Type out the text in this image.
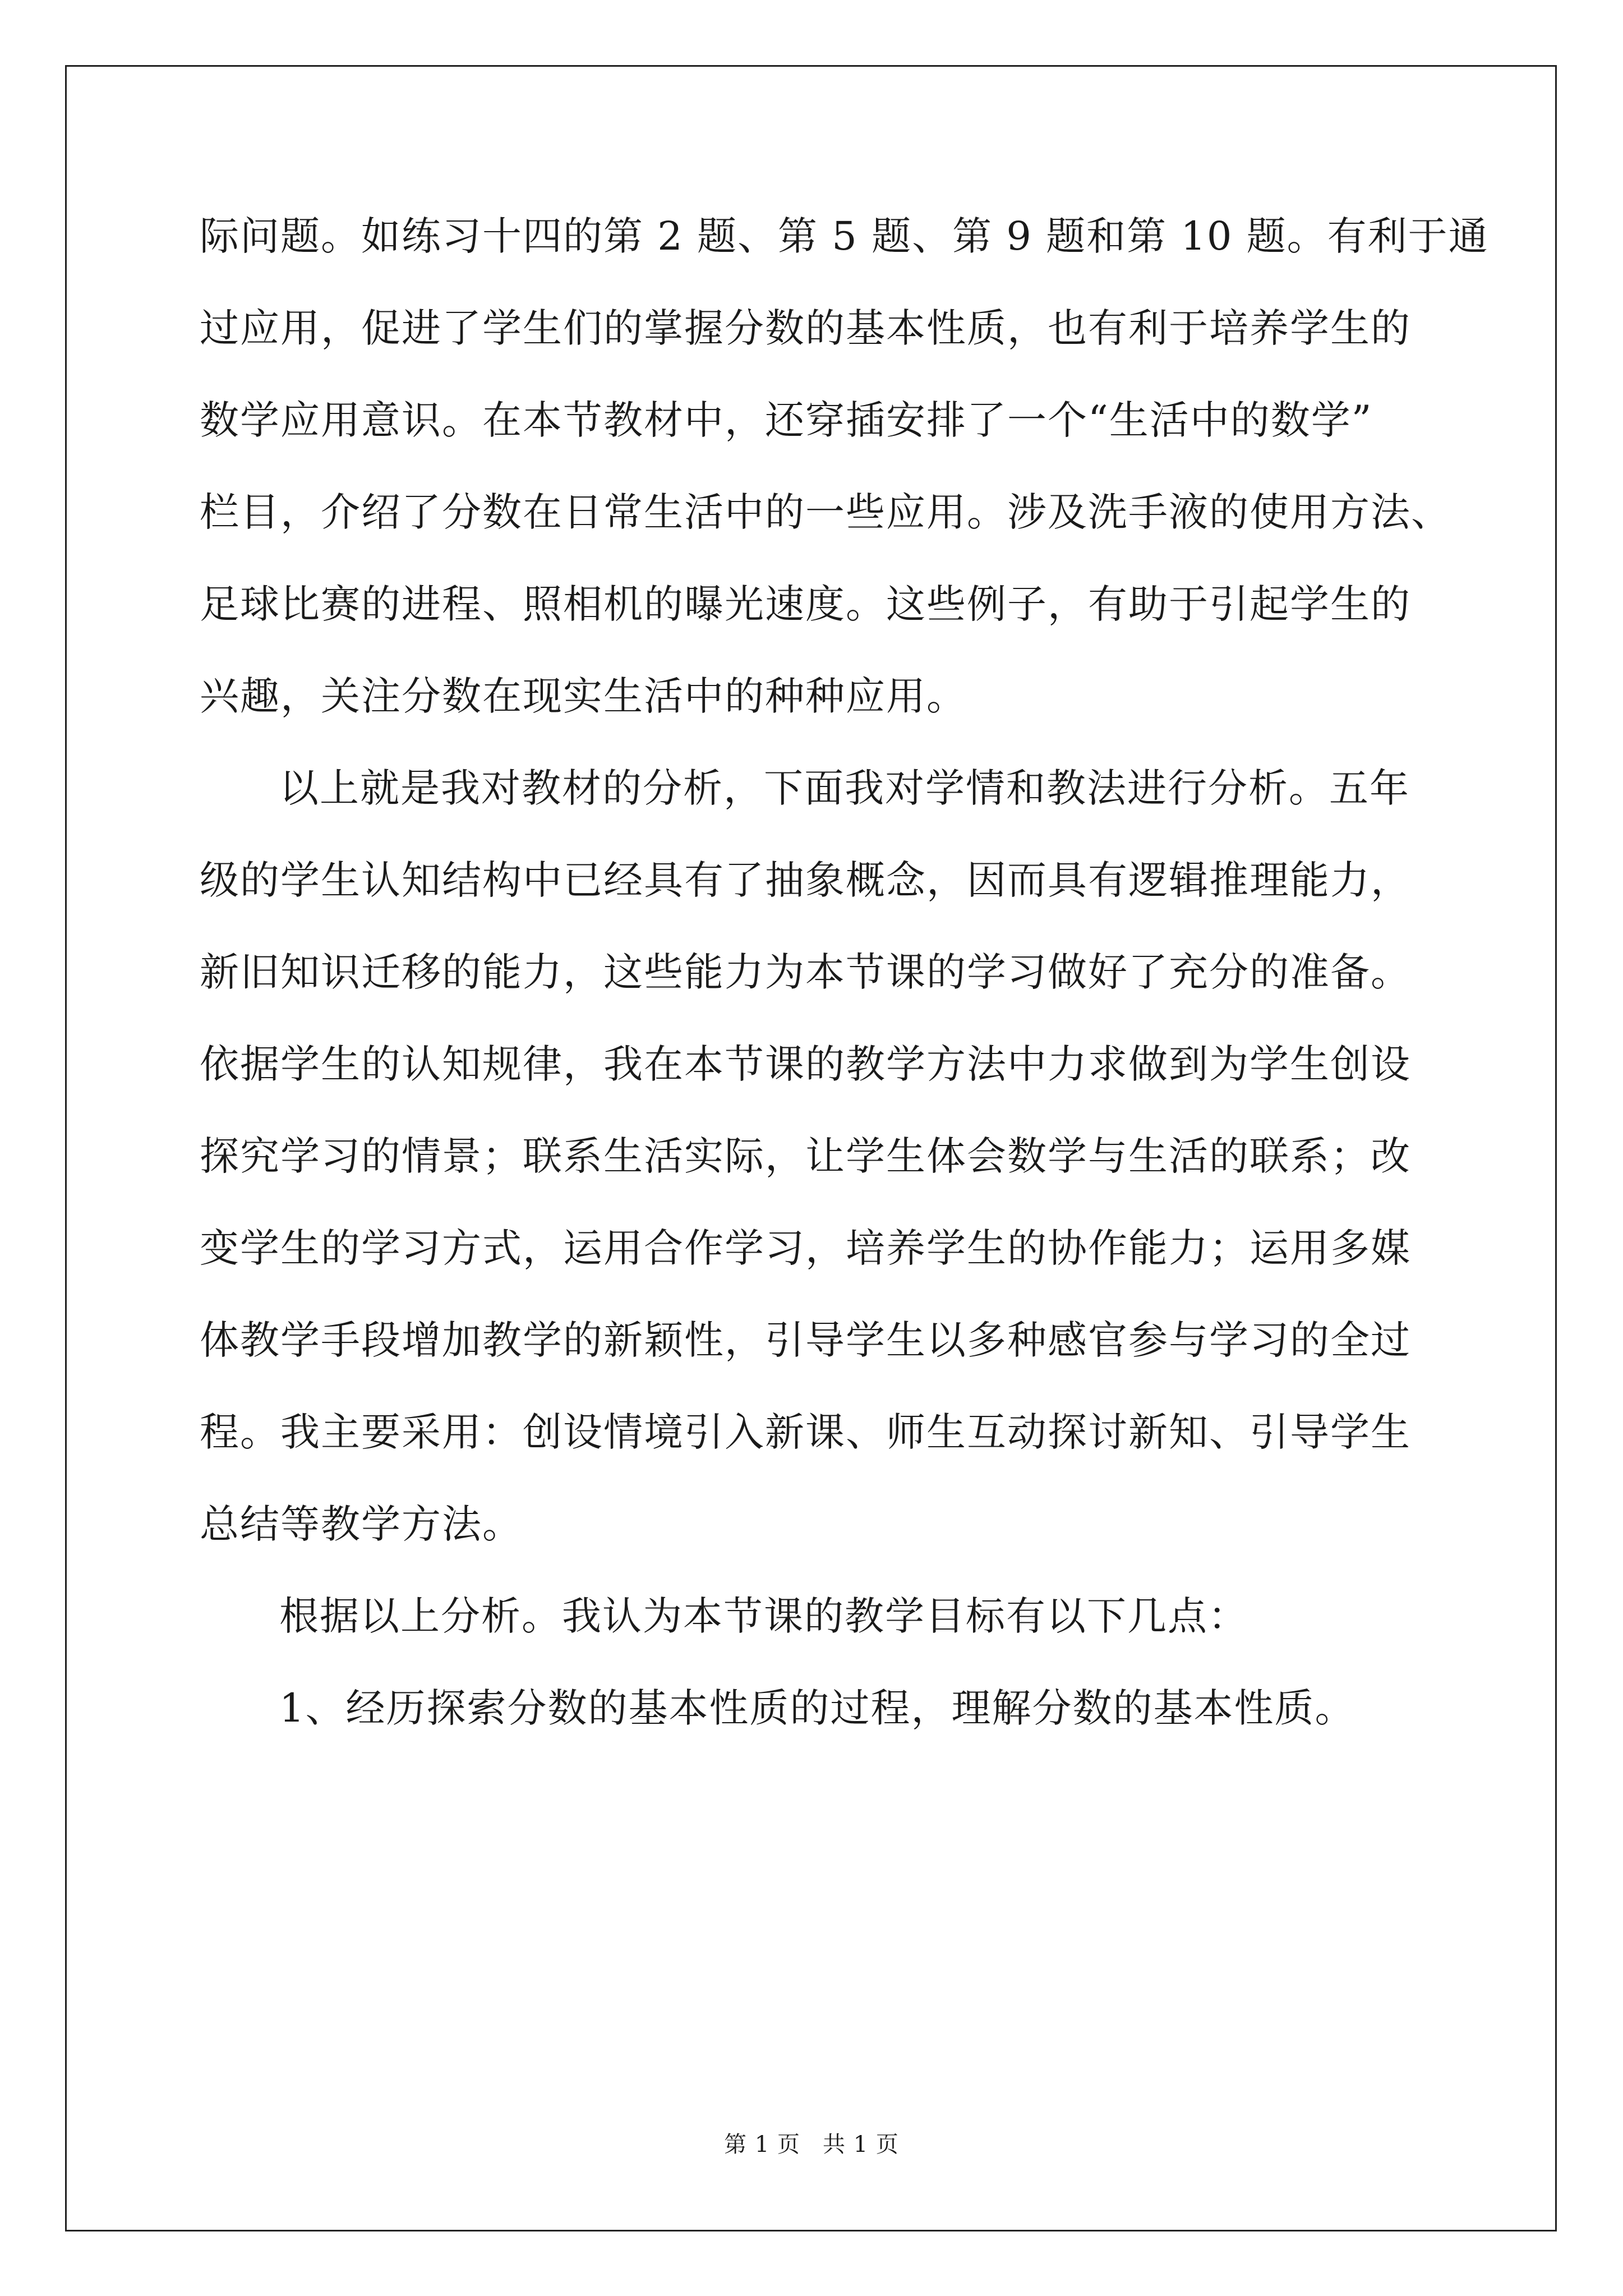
际问题。如练习十四的第 2 题、第 5 题、第 9 题和第 10 题。有利于通
过应用，促进了学生们的掌握分数的基本性质，也有利于培养学生的
数学应用意识。在本节教材中，还穿插安排了一个“生活中的数学”
栏目，介绍了分数在日常生活中的一些应用。涉及洗手液的使用方法、
足球比赛的进程、照相机的曝光速度。这些例子，有助于引起学生的
兴趣，关注分数在现实生活中的种种应用。
以上就是我对教材的分析，下面我对学情和教法进行分析。五年
级的学生认知结构中已经具有了抽象概念，因而具有逻辑推理能力，
新旧知识迁移的能力，这些能力为本节课的学习做好了充分的准备。
依据学生的认知规律，我在本节课的教学方法中力求做到为学生创设
探究学习的情景；联系生活实际，让学生体会数学与生活的联系；改
变学生的学习方式，运用合作学习，培养学生的协作能力；运用多媒
体教学手段增加教学的新颖性，引导学生以多种感官参与学习的全过
程。我主要采用：创设情境引入新课、师生互动探讨新知、引导学生
总结等教学方法。
根据以上分析。我认为本节课的教学目标有以下几点：
1、经历探索分数的基本性质的过程，理解分数的基本性质。
第 1 页 共 1 页
